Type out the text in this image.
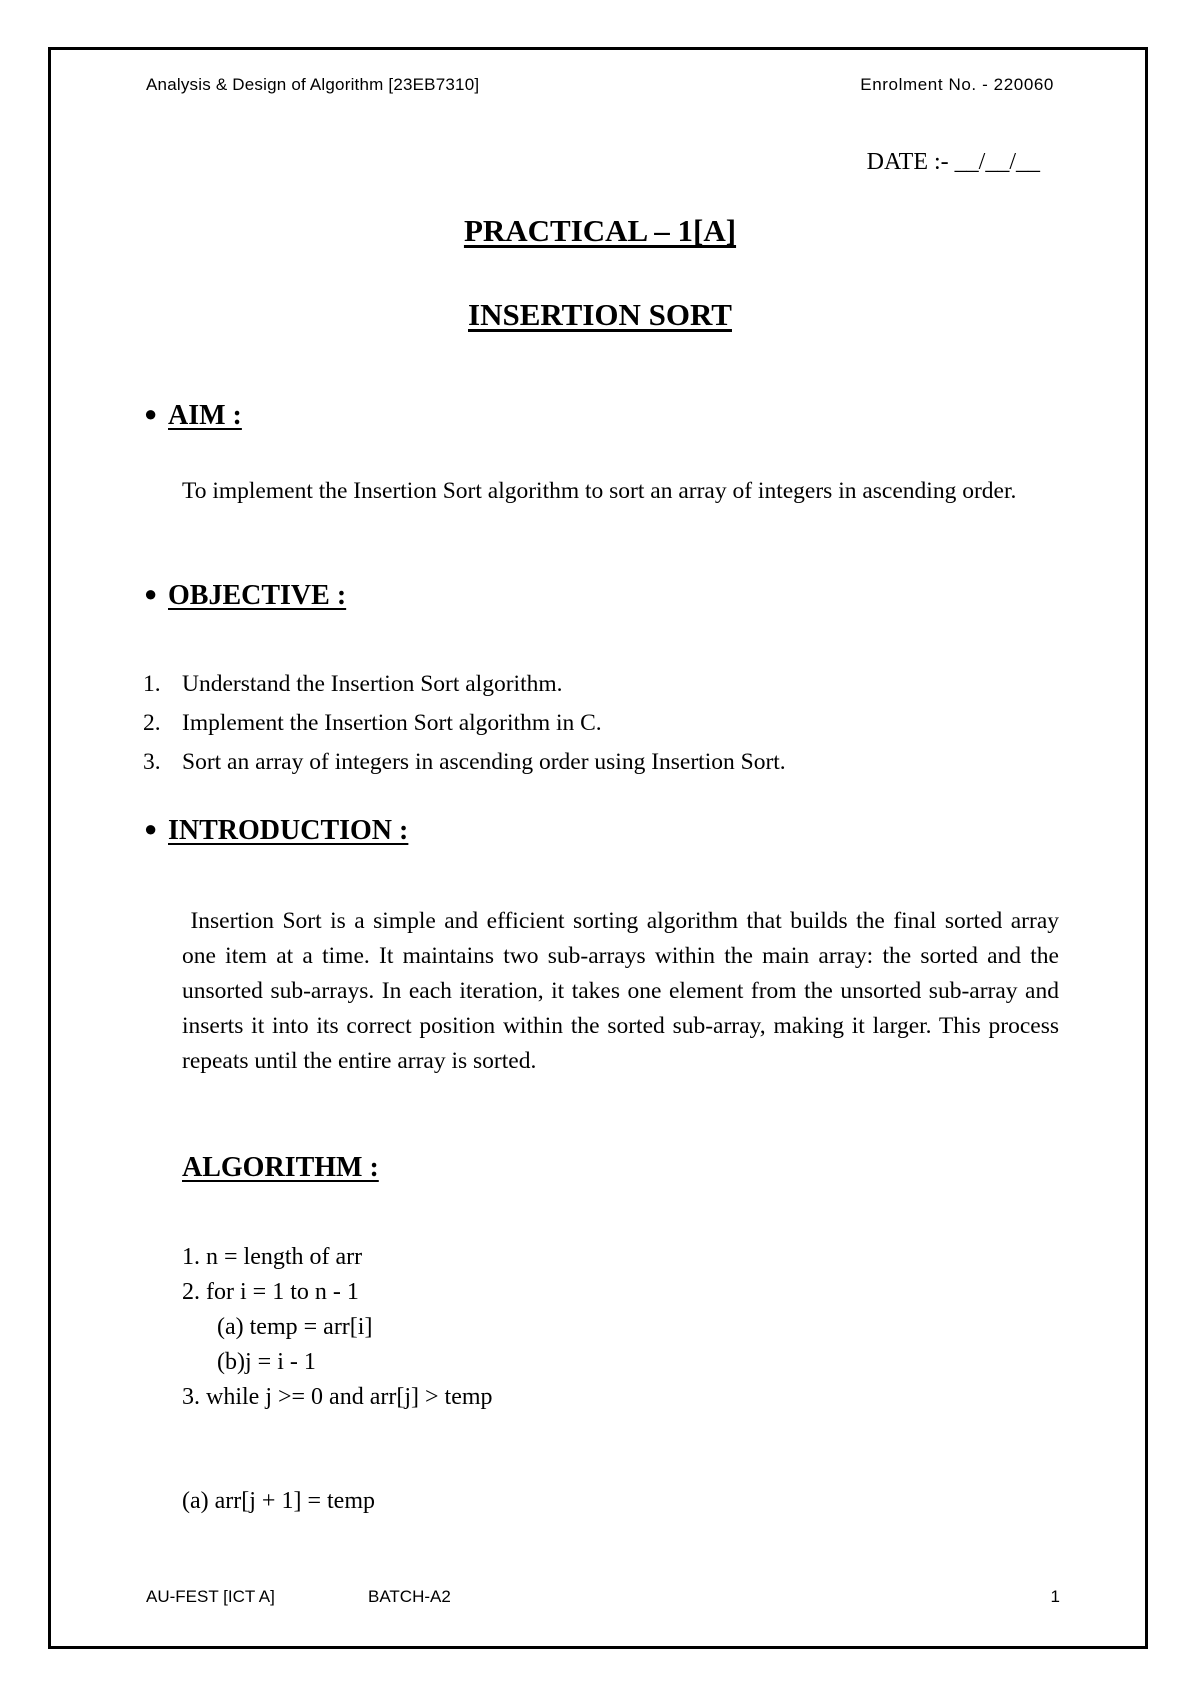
Analysis & Design of Algorithm [23EB7310]	Enrolment No. - 220060
DATE :- __/__/__
PRACTICAL – 1[A]
INSERTION SORT
● AIM :
To implement the Insertion Sort algorithm to sort an array of integers in ascending order.
● OBJECTIVE :
1. Understand the Insertion Sort algorithm.
2. Implement the Insertion Sort algorithm in C.
3. Sort an array of integers in ascending order using Insertion Sort.
● INTRODUCTION :
Insertion Sort is a simple and efficient sorting algorithm that builds the final sorted array one item at a time. It maintains two sub-arrays within the main array: the sorted and the unsorted sub-arrays. In each iteration, it takes one element from the unsorted sub-array and inserts it into its correct position within the sorted sub-array, making it larger. This process repeats until the entire array is sorted.
ALGORITHM :
1. n = length of arr
2. for i = 1 to n - 1
(a) temp = arr[i]
(b)j = i - 1
3. while j >= 0 and arr[j] > temp
(a) arr[j + 1] = temp
AU-FEST [ICT A]	BATCH-A2	1
